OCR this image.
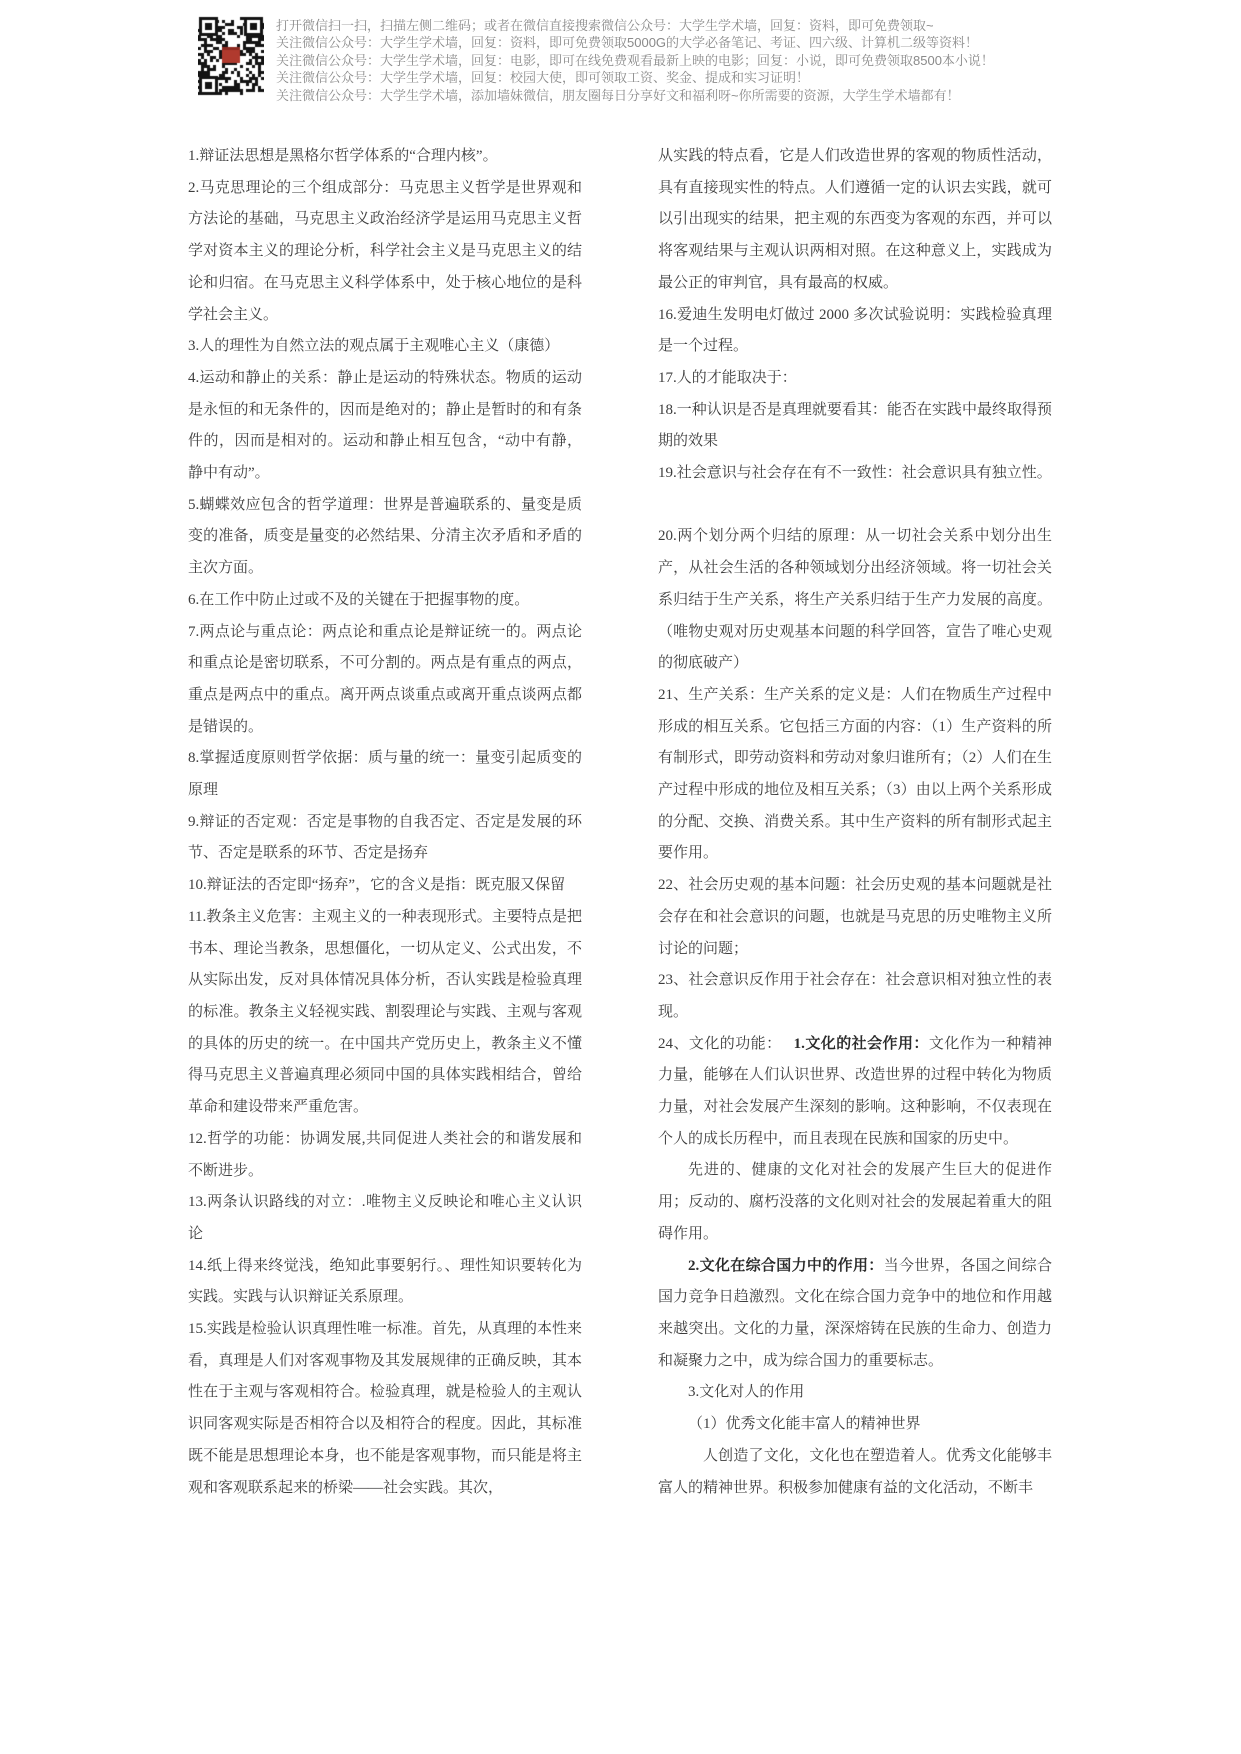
打开微信扫一扫，扫描左侧二维码；或者在微信直接搜索微信公众号：大学生学术墙，回复：资料，即可免费领取~
关注微信公众号：大学生学术墙，回复：资料，即可免费领取5000G的大学必备笔记、考证、四六级、计算机二级等资料！
关注微信公众号：大学生学术墙，回复：电影，即可在线免费观看最新上映的电影；回复：小说，即可免费领取8500本小说！
关注微信公众号：大学生学术墙，回复：校园大使，即可领取工资、奖金、提成和实习证明！
关注微信公众号：大学生学术墙，添加墙妹微信，朋友圈每日分享好文和福利呀~你所需要的资源，大学生学术墙都有！

1.辩证法思想是黑格尔哲学体系的“合理内核”。

2.马克思理论的三个组成部分：马克思主义哲学是世界观和方法论的基础，马克思主义政治经济学是运用马克思主义哲学对资本主义的理论分析，科学社会主义是马克思主义的结论和归宿。在马克思主义科学体系中，处于核心地位的是科学社会主义。

3.人的理性为自然立法的观点属于主观唯心主义（康德）

4.运动和静止的关系：静止是运动的特殊状态。物质的运动是永恒的和无条件的，因而是绝对的；静止是暂时的和有条件的，因而是相对的。运动和静止相互包含，“动中有静，静中有动”。

5.蝴蝶效应包含的哲学道理：世界是普遍联系的、量变是质变的准备，质变是量变的必然结果、分清主次矛盾和矛盾的主次方面。

6.在工作中防止过或不及的关键在于把握事物的度。

7.两点论与重点论：两点论和重点论是辩证统一的。两点论和重点论是密切联系，不可分割的。两点是有重点的两点，重点是两点中的重点。离开两点谈重点或离开重点谈两点都是错误的。

8.掌握适度原则哲学依据：质与量的统一：量变引起质变的原理

9.辩证的否定观：否定是事物的自我否定、否定是发展的环节、否定是联系的环节、否定是扬弃

10.辩证法的否定即“扬弃”，它的含义是指：既克服又保留

11.教条主义危害：主观主义的一种表现形式。主要特点是把书本、理论当教条，思想僵化，一切从定义、公式出发，不从实际出发，反对具体情况具体分析，否认实践是检验真理的标准。教条主义轻视实践、割裂理论与实践、主观与客观的具体的历史的统一。在中国共产党历史上，教条主义不懂得马克思主义普遍真理必须同中国的具体实践相结合，曾给革命和建设带来严重危害。

12.哲学的功能：协调发展,共同促进人类社会的和谐发展和不断进步。

13.两条认识路线的对立：.唯物主义反映论和唯心主义认识论

14.纸上得来终觉浅，绝知此事要躬行。、理性知识要转化为实践。实践与认识辩证关系原理。

15.实践是检验认识真理性唯一标准。首先，从真理的本性来看，真理是人们对客观事物及其发展规律的正确反映，其本性在于主观与客观相符合。检验真理，就是检验人的主观认识同客观实际是否相符合以及相符合的程度。因此，其标准既不能是思想理论本身，也不能是客观事物，而只能是将主观和客观联系起来的桥梁——社会实践。其次，

从实践的特点看，它是人们改造世界的客观的物质性活动，具有直接现实性的特点。人们遵循一定的认识去实践，就可以引出现实的结果，把主观的东西变为客观的东西，并可以将客观结果与主观认识两相对照。在这种意义上，实践成为最公正的审判官，具有最高的权威。

16.爱迪生发明电灯做过 2000 多次试验说明：实践检验真理是一个过程。

17.人的才能取决于：

18.一种认识是否是真理就要看其：能否在实践中最终取得预期的效果

19.社会意识与社会存在有不一致性：社会意识具有独立性。

20.两个划分两个归结的原理：从一切社会关系中划分出生产，从社会生活的各种领域划分出经济领域。将一切社会关系归结于生产关系，将生产关系归结于生产力发展的高度。（唯物史观对历史观基本问题的科学回答，宣告了唯心史观的彻底破产）

21、生产关系：生产关系的定义是：人们在物质生产过程中形成的相互关系。它包括三方面的内容：（1）生产资料的所有制形式，即劳动资料和劳动对象归谁所有；（2）人们在生产过程中形成的地位及相互关系；（3）由以上两个关系形成的分配、交换、消费关系。其中生产资料的所有制形式起主要作用。

22、社会历史观的基本问题：社会历史观的基本问题就是社会存在和社会意识的问题，也就是马克思的历史唯物主义所讨论的问题；

23、社会意识反作用于社会存在：社会意识相对独立性的表现。

24、文化的功能：　 1.文化的社会作用：文化作为一种精神力量，能够在人们认识世界、改造世界的过程中转化为物质力量，对社会发展产生深刻的影响。这种影响，不仅表现在个人的成长历程中，而且表现在民族和国家的历史中。

先进的、健康的文化对社会的发展产生巨大的促进作用；反动的、腐朽没落的文化则对社会的发展起着重大的阻碍作用。

2.文化在综合国力中的作用：当今世界，各国之间综合国力竞争日趋激烈。文化在综合国力竞争中的地位和作用越来越突出。文化的力量，深深熔铸在民族的生命力、创造力和凝聚力之中，成为综合国力的重要标志。

3.文化对人的作用

（1）优秀文化能丰富人的精神世界

人创造了文化，文化也在塑造着人。优秀文化能够丰富人的精神世界。积极参加健康有益的文化活动，不断丰
